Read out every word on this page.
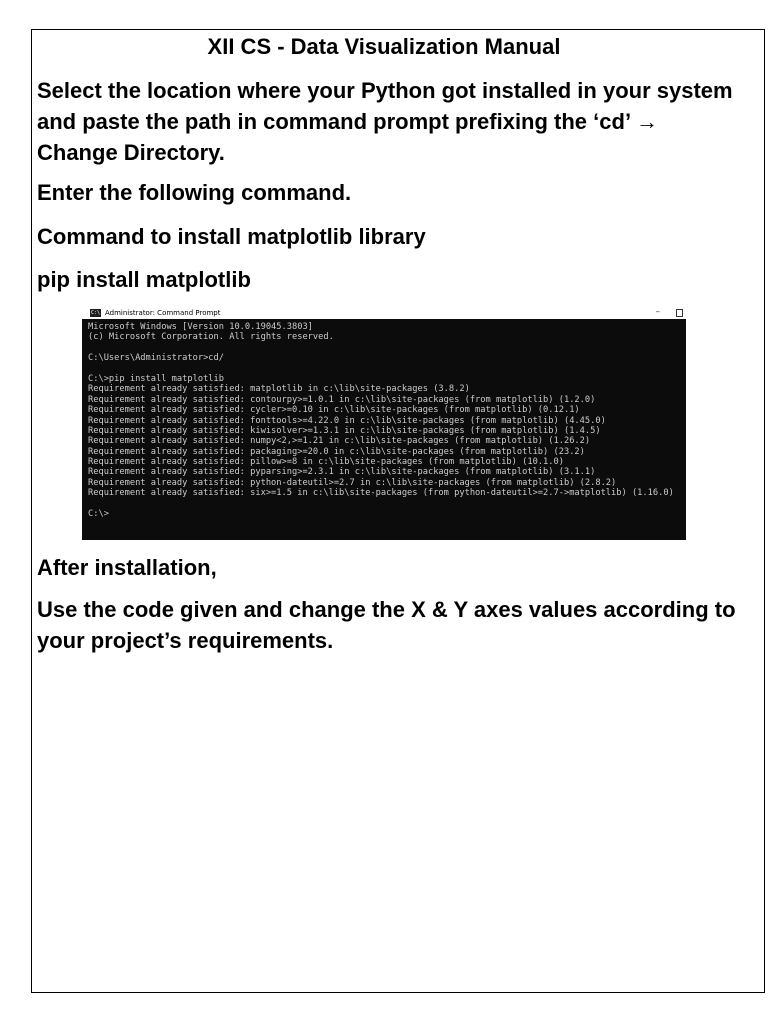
XII CS - Data Visualization Manual

Select the location where your Python got installed in your system and paste the path in command prompt prefixing the ‘cd’ → Change Directory.

Enter the following command.

Command to install matplotlib library

pip install matplotlib

C:\ Administrator: Command Prompt	–
Microsoft Windows [Version 10.0.19045.3803]
(c) Microsoft Corporation. All rights reserved.
C:\Users\Administrator>cd/
C:\>pip install matplotlib
Requirement already satisfied: matplotlib in c:\lib\site-packages (3.8.2)
Requirement already satisfied: contourpy>=1.0.1 in c:\lib\site-packages (from matplotlib) (1.2.0)
Requirement already satisfied: cycler>=0.10 in c:\lib\site-packages (from matplotlib) (0.12.1)
Requirement already satisfied: fonttools>=4.22.0 in c:\lib\site-packages (from matplotlib) (4.45.0)
Requirement already satisfied: kiwisolver>=1.3.1 in c:\lib\site-packages (from matplotlib) (1.4.5)
Requirement already satisfied: numpy<2,>=1.21 in c:\lib\site-packages (from matplotlib) (1.26.2)
Requirement already satisfied: packaging>=20.0 in c:\lib\site-packages (from matplotlib) (23.2)
Requirement already satisfied: pillow>=8 in c:\lib\site-packages (from matplotlib) (10.1.0)
Requirement already satisfied: pyparsing>=2.3.1 in c:\lib\site-packages (from matplotlib) (3.1.1)
Requirement already satisfied: python-dateutil>=2.7 in c:\lib\site-packages (from matplotlib) (2.8.2)
Requirement already satisfied: six>=1.5 in c:\lib\site-packages (from python-dateutil>=2.7->matplotlib) (1.16.0)
C:\>

After installation,

Use the code given and change the X & Y axes values according to your project’s requirements.
